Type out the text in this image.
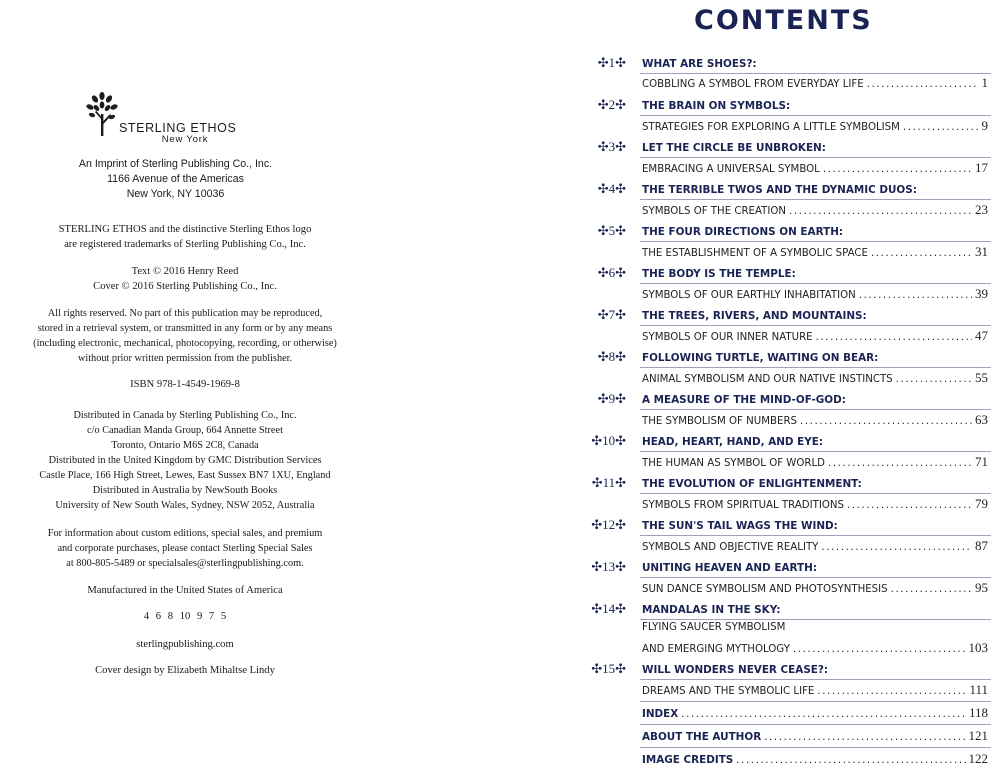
STERLING ETHOS
New York
An Imprint of Sterling Publishing Co., Inc.
1166 Avenue of the Americas
New York, NY 10036
STERLING ETHOS and the distinctive Sterling Ethos logo
are registered trademarks of Sterling Publishing Co., Inc.
Text © 2016 Henry Reed
Cover © 2016 Sterling Publishing Co., Inc.
All rights reserved. No part of this publication may be reproduced,
stored in a retrieval system, or transmitted in any form or by any means
(including electronic, mechanical, photocopying, recording, or otherwise)
without prior written permission from the publisher.
ISBN 978-1-4549-1969-8
Distributed in Canada by Sterling Publishing Co., Inc.
c/o Canadian Manda Group, 664 Annette Street
Toronto, Ontario M6S 2C8, Canada
Distributed in the United Kingdom by GMC Distribution Services
Castle Place, 166 High Street, Lewes, East Sussex BN7 1XU, England
Distributed in Australia by NewSouth Books
University of New South Wales, Sydney, NSW 2052, Australia
For information about custom editions, special sales, and premium
and corporate purchases, please contact Sterling Special Sales
at 800-805-5489 or specialsales@sterlingpublishing.com.
Manufactured in the United States of America
4 6 8 10 9 7 5
sterlingpublishing.com
Cover design by Elizabeth Mihaltse Lindy
CONTENTS
✣1✣ WHAT ARE SHOES?:
COBBLING A SYMBOL FROM EVERYDAY LIFE .....	1
✣2✣ THE BRAIN ON SYMBOLS:
STRATEGIES FOR EXPLORING A LITTLE SYMBOLISM .....	9
✣3✣ LET THE CIRCLE BE UNBROKEN:
EMBRACING A UNIVERSAL SYMBOL .....	17
✣4✣ THE TERRIBLE TWOS AND THE DYNAMIC DUOS:
SYMBOLS OF THE CREATION .....	23
✣5✣ THE FOUR DIRECTIONS ON EARTH:
THE ESTABLISHMENT OF A SYMBOLIC SPACE .....	31
✣6✣ THE BODY IS THE TEMPLE:
SYMBOLS OF OUR EARTHLY INHABITATION .....	39
✣7✣ THE TREES, RIVERS, AND MOUNTAINS:
SYMBOLS OF OUR INNER NATURE .....	47
✣8✣ FOLLOWING TURTLE, WAITING ON BEAR:
ANIMAL SYMBOLISM AND OUR NATIVE INSTINCTS .....	55
✣9✣ A MEASURE OF THE MIND-OF-GOD:
THE SYMBOLISM OF NUMBERS .....	63
✣10✣ HEAD, HEART, HAND, AND EYE:
THE HUMAN AS SYMBOL OF WORLD .....	71
✣11✣ THE EVOLUTION OF ENLIGHTENMENT:
SYMBOLS FROM SPIRITUAL TRADITIONS .....	79
✣12✣ THE SUN'S TAIL WAGS THE WIND:
SYMBOLS AND OBJECTIVE REALITY .....	87
✣13✣ UNITING HEAVEN AND EARTH:
SUN DANCE SYMBOLISM AND PHOTOSYNTHESIS .....	95
✣14✣ MANDALAS IN THE SKY:
FLYING SAUCER SYMBOLISM
AND EMERGING MYTHOLOGY .....	103
✣15✣ WILL WONDERS NEVER CEASE?:
DREAMS AND THE SYMBOLIC LIFE .....	111
INDEX .....	118
ABOUT THE AUTHOR .....	121
IMAGE CREDITS .....	122
